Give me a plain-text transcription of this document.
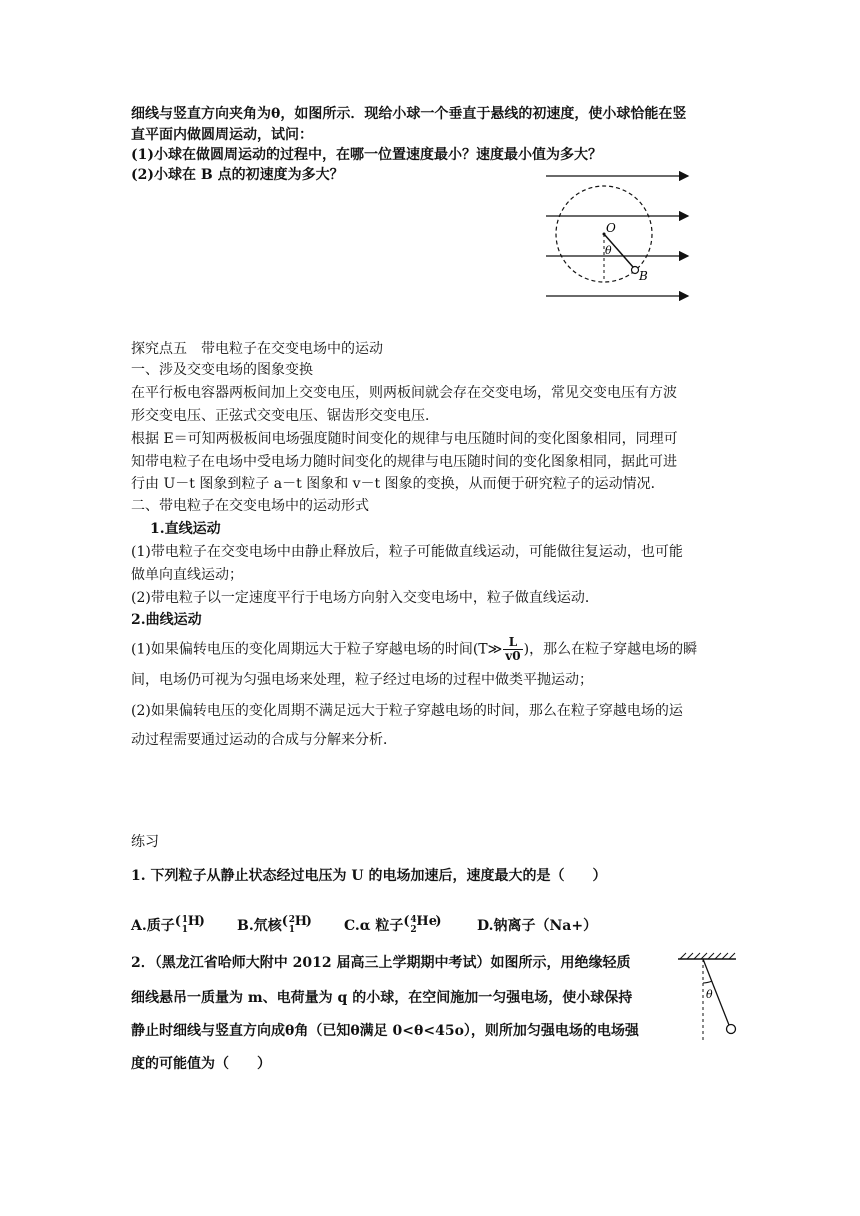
细线与竖直方向夹角为θ，如图所示．现给小球一个垂直于悬线的初速度，使小球恰能在竖
直平面内做圆周运动，试问：
(1)小球在做圆周运动的过程中，在哪一位置速度最小？速度最小值为多大？
(2)小球在 B 点的初速度为多大？
O
θ
B
探究点五　带电粒子在交变电场中的运动
一、涉及交变电场的图象变换
在平行板电容器两板间加上交变电压，则两板间就会存在交变电场，常见交变电压有方波
形交变电压、正弦式交变电压、锯齿形交变电压．
根据 E＝可知两极板间电场强度随时间变化的规律与电压随时间的变化图象相同，同理可
知带电粒子在电场中受电场力随时间变化的规律与电压随时间的变化图象相同，据此可进
行由 U－t 图象到粒子 a－t 图象和 v－t 图象的变换，从而便于研究粒子的运动情况．
二、带电粒子在交变电场中的运动形式
1.直线运动
(1)带电粒子在交变电场中由静止释放后，粒子可能做直线运动，可能做往复运动，也可能
做单向直线运动；
(2)带电粒子以一定速度平行于电场方向射入交变电场中，粒子做直线运动．
2.曲线运动
(1)如果偏转电压的变化周期远大于粒子穿越电场的时间(T≫ $\frac{L}{v0}$ )，那么在粒子穿越电场的瞬
间，电场仍可视为匀强电场来处理，粒子经过电场的过程中做类平抛运动；
(2)如果偏转电压的变化周期不满足远大于粒子穿越电场的时间，那么在粒子穿越电场的运
动过程需要通过运动的合成与分解来分析．
练习
1. 下列粒子从静止状态经过电压为 U 的电场加速后，速度最大的是（　　）
A.质子 ( 1
1
H
) B.氘核 ( 2
1
H
) C.α 粒子 ( 4
2
He
)	D.钠离子（Na+）
2．（黑龙江省哈师大附中 2012 届高三上学期期中考试）如图所示，用绝缘轻质
细线悬吊一质量为 m、电荷量为 q 的小球，在空间施加一匀强电场，使小球保持
静止时细线与竖直方向成θ角（已知θ满足 0<θ<45o），则所加匀强电场的电场强
度的可能值为（　　）
θ
